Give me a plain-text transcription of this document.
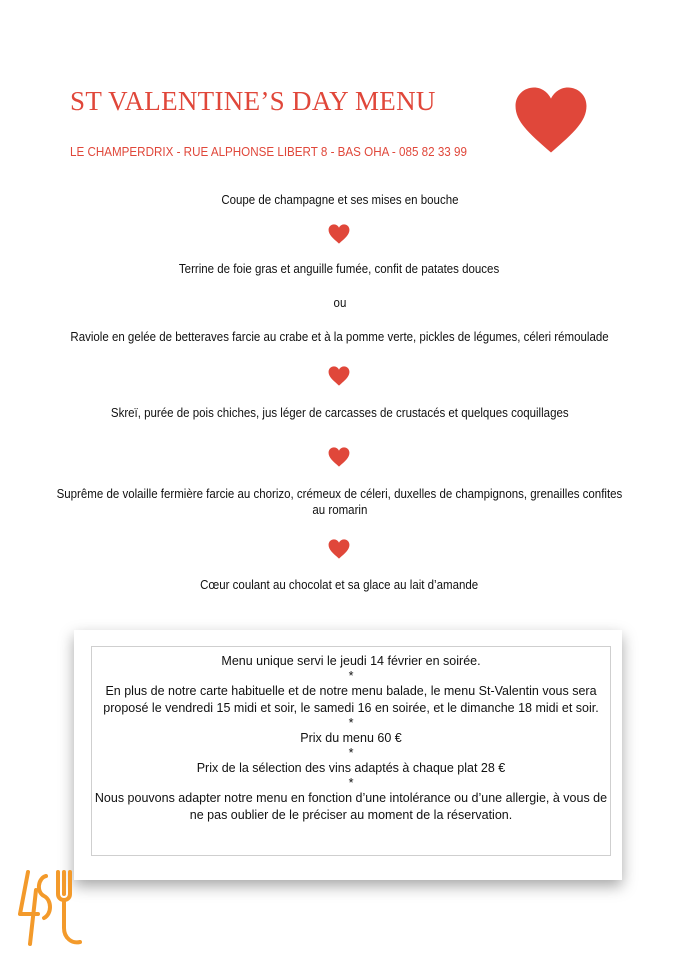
ST VALENTINE’S DAY MENU
LE CHAMPERDRIX - RUE ALPHONSE LIBERT 8 - BAS OHA - 085 82 33 99
Coupe de champagne et ses mises en bouche
Terrine de foie gras et anguille fumée, confit de patates douces
ou
Raviole en gelée de betteraves farcie au crabe et à la pomme verte, pickles de légumes, céleri rémoulade
Skreï, purée de pois chiches, jus léger de carcasses de crustacés et quelques coquillages
Suprême de volaille fermière farcie au chorizo, crémeux de céleri, duxelles de champignons, grenailles confites
au romarin
Cœur coulant au chocolat et sa glace au lait d’amande
Menu unique servi le jeudi 14 février en soirée.
*
En plus de notre carte habituelle et de notre menu balade, le menu St-Valentin vous sera
proposé le vendredi 15 midi et soir, le samedi 16 en soirée, et le dimanche 18 midi et soir.
*
Prix du menu 60 €
*
Prix de la sélection des vins adaptés à chaque plat 28 €
*
Nous pouvons adapter notre menu en fonction d’une intolérance ou d’une allergie, à vous de
ne pas oublier de le préciser au moment de la réservation.
